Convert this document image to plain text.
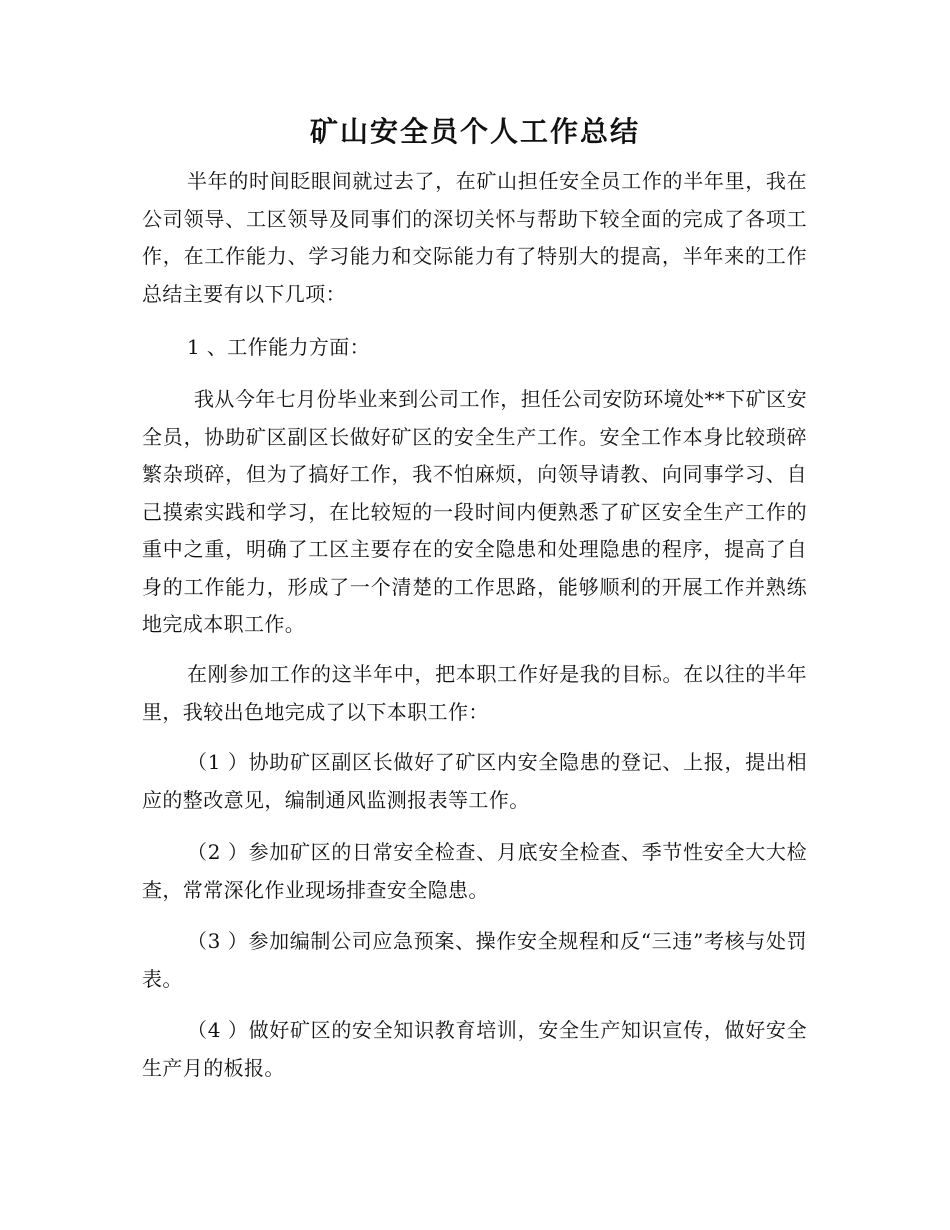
矿山安全员个人工作总结

半年的时间眨眼间就过去了，在矿山担任安全员工作的半年里，我在公司领导、工区领导及同事们的深切关怀与帮助下较全面的完成了各项工作，在工作能力、学习能力和交际能力有了特别大的提高，半年来的工作总结主要有以下几项：

1 、工作能力方面：

我从今年七月份毕业来到公司工作，担任公司安防环境处**下矿区安全员，协助矿区副区长做好矿区的安全生产工作。安全工作本身比较琐碎繁杂琐碎，但为了搞好工作，我不怕麻烦，向领导请教、向同事学习、自己摸索实践和学习，在比较短的一段时间内便熟悉了矿区安全生产工作的重中之重，明确了工区主要存在的安全隐患和处理隐患的程序，提高了自身的工作能力，形成了一个清楚的工作思路，能够顺利的开展工作并熟练地完成本职工作。

在刚参加工作的这半年中，把本职工作好是我的目标。在以往的半年里，我较出色地完成了以下本职工作：

（1 ）协助矿区副区长做好了矿区内安全隐患的登记、上报，提出相应的整改意见，编制通风监测报表等工作。

（2 ）参加矿区的日常安全检查、月底安全检查、季节性安全大大检查，常常深化作业现场排查安全隐患。

（3 ）参加编制公司应急预案、操作安全规程和反“三违”考核与处罚表。

（4 ）做好矿区的安全知识教育培训，安全生产知识宣传，做好安全生产月的板报。
